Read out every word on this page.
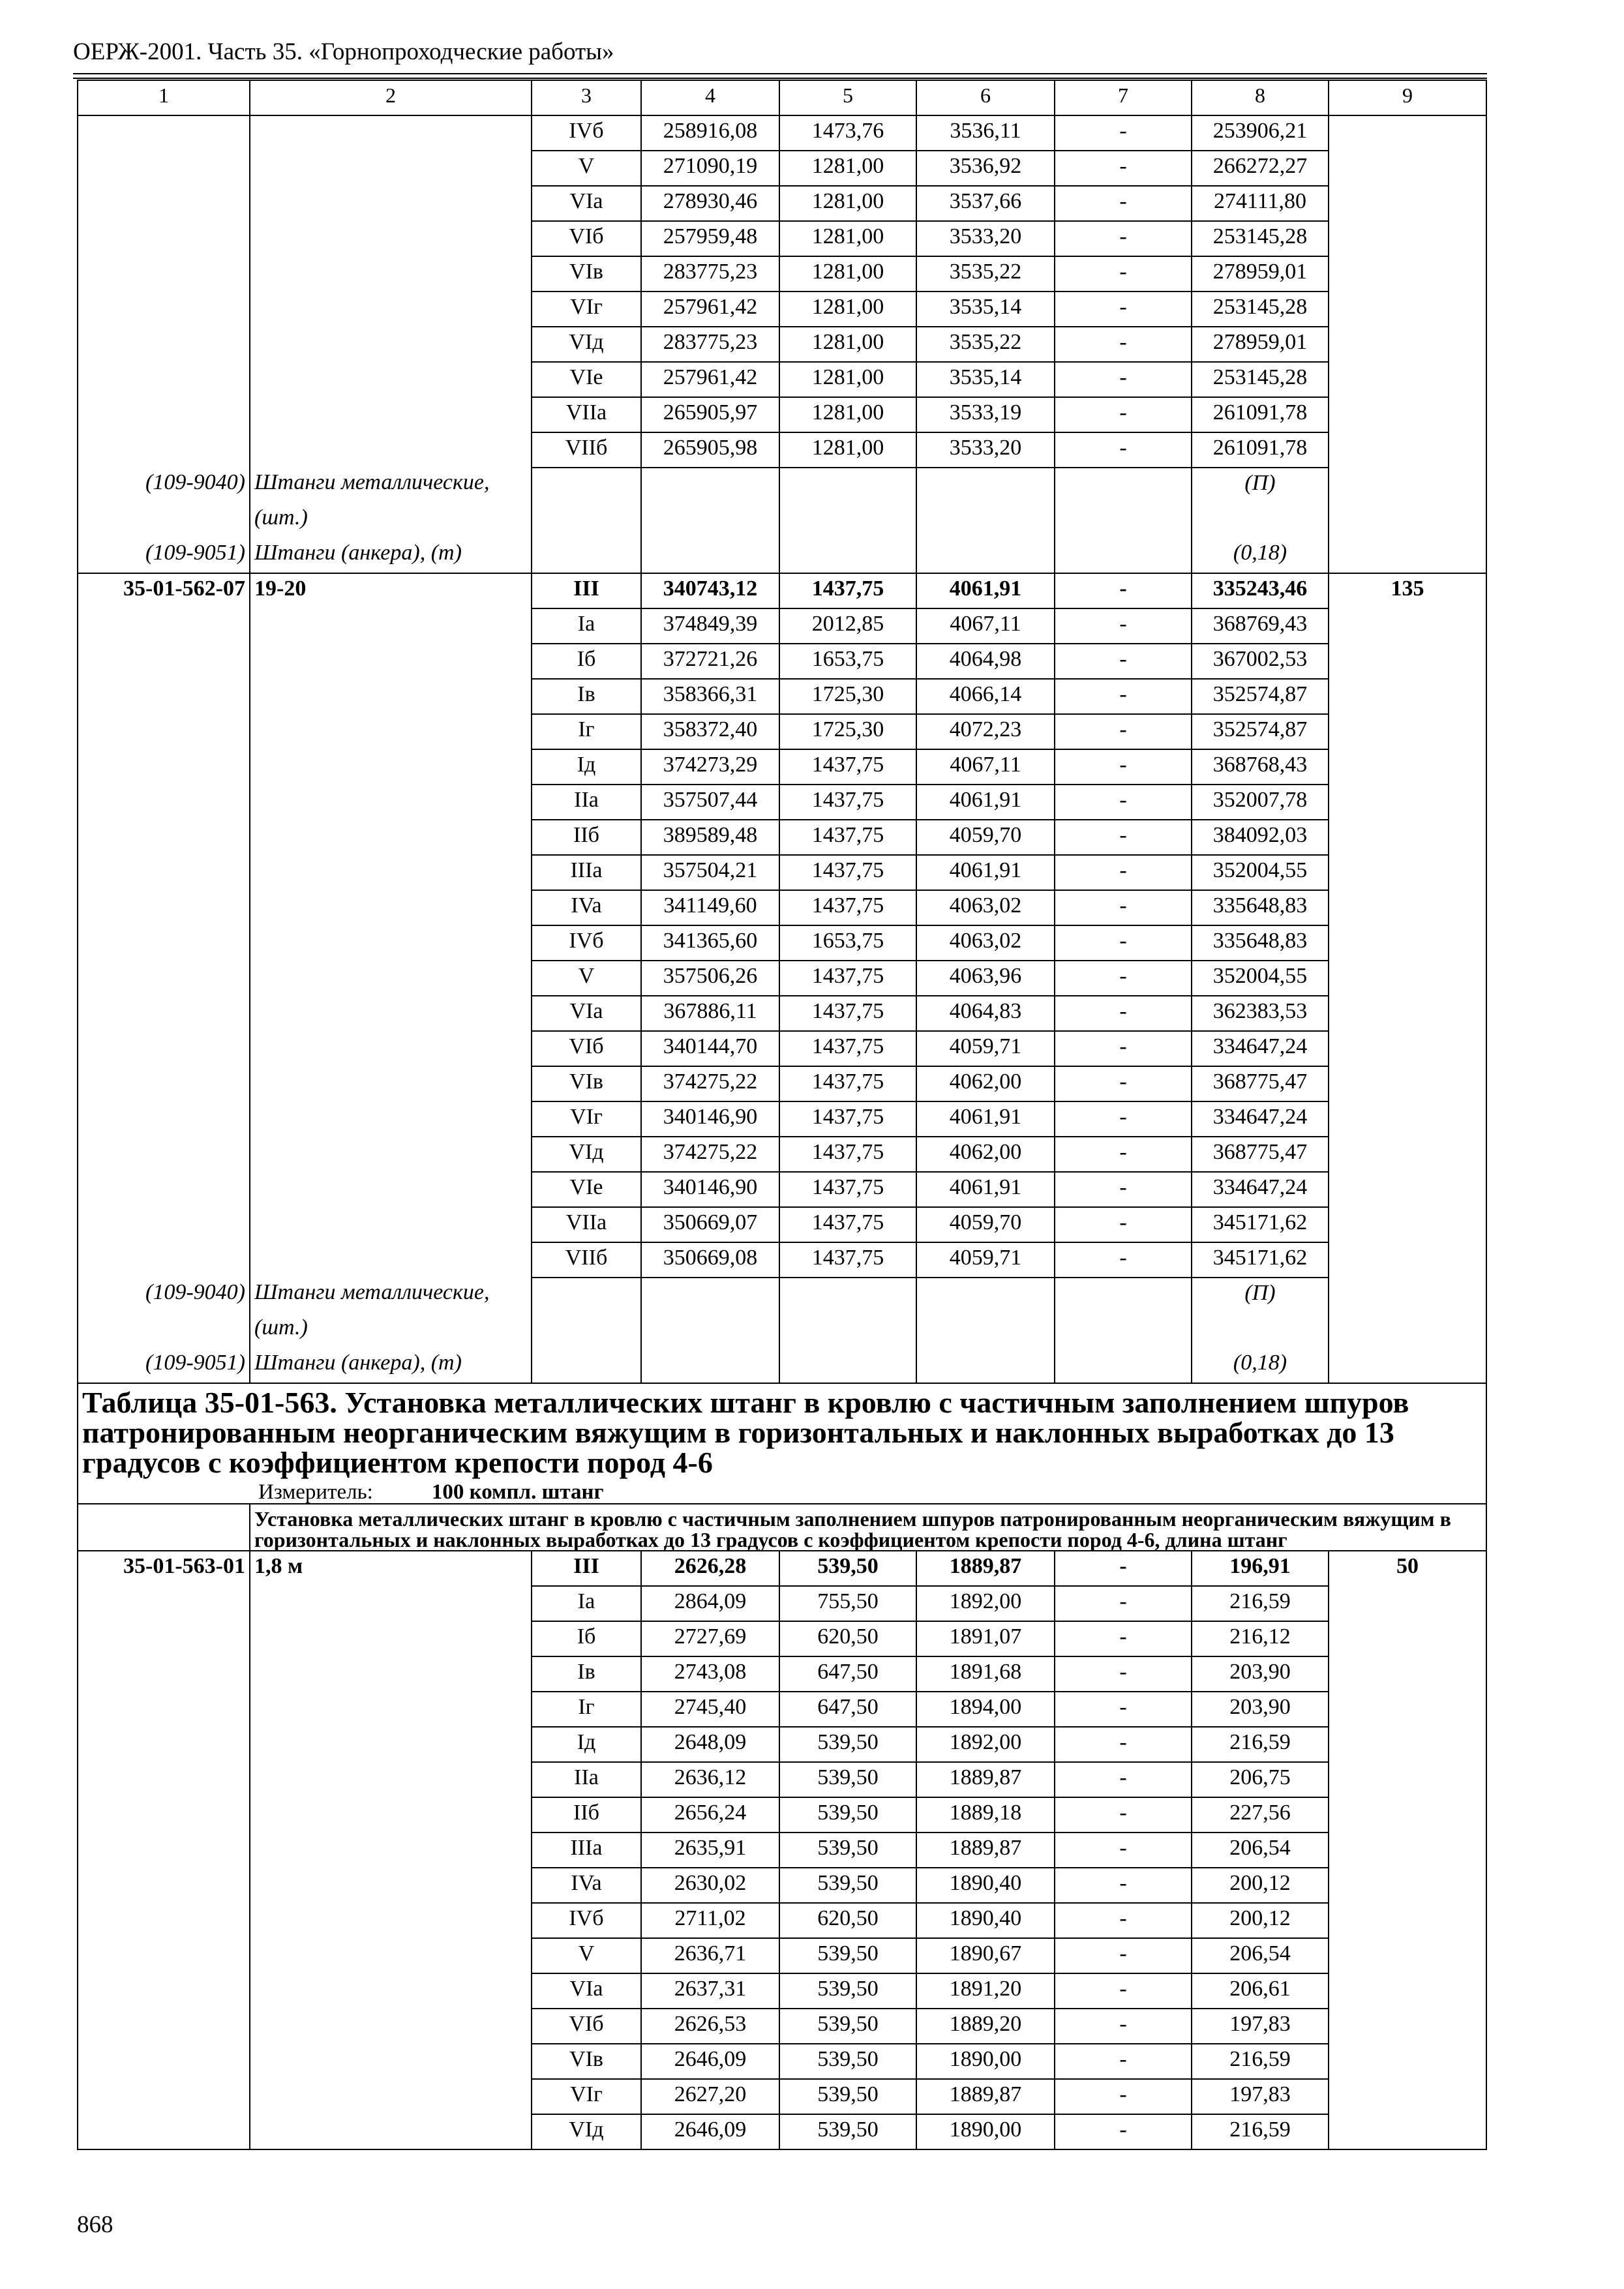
ОЕРЖ-2001. Часть 35. «Горнопроходческие работы»
1	2	3	4	5	6	7	8	9
		IVб	258916,08	1473,76	3536,11	-	253906,21	
		V	271090,19	1281,00	3536,92	-	266272,27	
		VIa	278930,46	1281,00	3537,66	-	274111,80	
		VIб	257959,48	1281,00	3533,20	-	253145,28	
		VIв	283775,23	1281,00	3535,22	-	278959,01	
		VIг	257961,42	1281,00	3535,14	-	253145,28	
		VIд	283775,23	1281,00	3535,22	-	278959,01	
		VIе	257961,42	1281,00	3535,14	-	253145,28	
		VIIa	265905,97	1281,00	3533,19	-	261091,78	
		VIIб	265905,98	1281,00	3533,20	-	261091,78	
(109-9040)	Штанги металлические,						(П)	
	(шт.)							
(109-9051)	Штанги (анкера), (т)						(0,18)	
35-01-562-07	19-20	III	340743,12	1437,75	4061,91	-	335243,46	135
		Ia	374849,39	2012,85	4067,11	-	368769,43	
		Iб	372721,26	1653,75	4064,98	-	367002,53	
		Iв	358366,31	1725,30	4066,14	-	352574,87	
		Iг	358372,40	1725,30	4072,23	-	352574,87	
		Iд	374273,29	1437,75	4067,11	-	368768,43	
		IIa	357507,44	1437,75	4061,91	-	352007,78	
		IIб	389589,48	1437,75	4059,70	-	384092,03	
		IIIa	357504,21	1437,75	4061,91	-	352004,55	
		IVa	341149,60	1437,75	4063,02	-	335648,83	
		IVб	341365,60	1653,75	4063,02	-	335648,83	
		V	357506,26	1437,75	4063,96	-	352004,55	
		VIa	367886,11	1437,75	4064,83	-	362383,53	
		VIб	340144,70	1437,75	4059,71	-	334647,24	
		VIв	374275,22	1437,75	4062,00	-	368775,47	
		VIг	340146,90	1437,75	4061,91	-	334647,24	
		VIд	374275,22	1437,75	4062,00	-	368775,47	
		VIе	340146,90	1437,75	4061,91	-	334647,24	
		VIIa	350669,07	1437,75	4059,70	-	345171,62	
		VIIб	350669,08	1437,75	4059,71	-	345171,62	
(109-9040)	Штанги металлические,						(П)	
	(шт.)							
(109-9051)	Штанги (анкера), (т)						(0,18)	

Таблица 35-01-563. Установка металлических штанг в кровлю с частичным заполнением шпуров патронированным неорганическим вяжущим в горизонтальных и наклонных выработках до 13 градусов с коэффициентом крепости пород 4-6
Измеритель: 100 компл. штанг								

	Установка металлических штанг в кровлю с частичным заполнением шпуров патронированным неорганическим вяжущим в горизонтальных и наклонных выработках до 13 градусов с коэффициентом крепости пород 4-6, длина штанг							
35-01-563-01	1,8 м	III	2626,28	539,50	1889,87	-	196,91	50
		Ia	2864,09	755,50	1892,00	-	216,59	
		Iб	2727,69	620,50	1891,07	-	216,12	
		Iв	2743,08	647,50	1891,68	-	203,90	
		Iг	2745,40	647,50	1894,00	-	203,90	
		Iд	2648,09	539,50	1892,00	-	216,59	
		IIa	2636,12	539,50	1889,87	-	206,75	
		IIб	2656,24	539,50	1889,18	-	227,56	
		IIIa	2635,91	539,50	1889,87	-	206,54	
		IVa	2630,02	539,50	1890,40	-	200,12	
		IVб	2711,02	620,50	1890,40	-	200,12	
		V	2636,71	539,50	1890,67	-	206,54	
		VIa	2637,31	539,50	1891,20	-	206,61	
		VIб	2626,53	539,50	1889,20	-	197,83	
		VIв	2646,09	539,50	1890,00	-	216,59	
		VIг	2627,20	539,50	1889,87	-	197,83	
		VIд	2646,09	539,50	1890,00	-	216,59	
868
